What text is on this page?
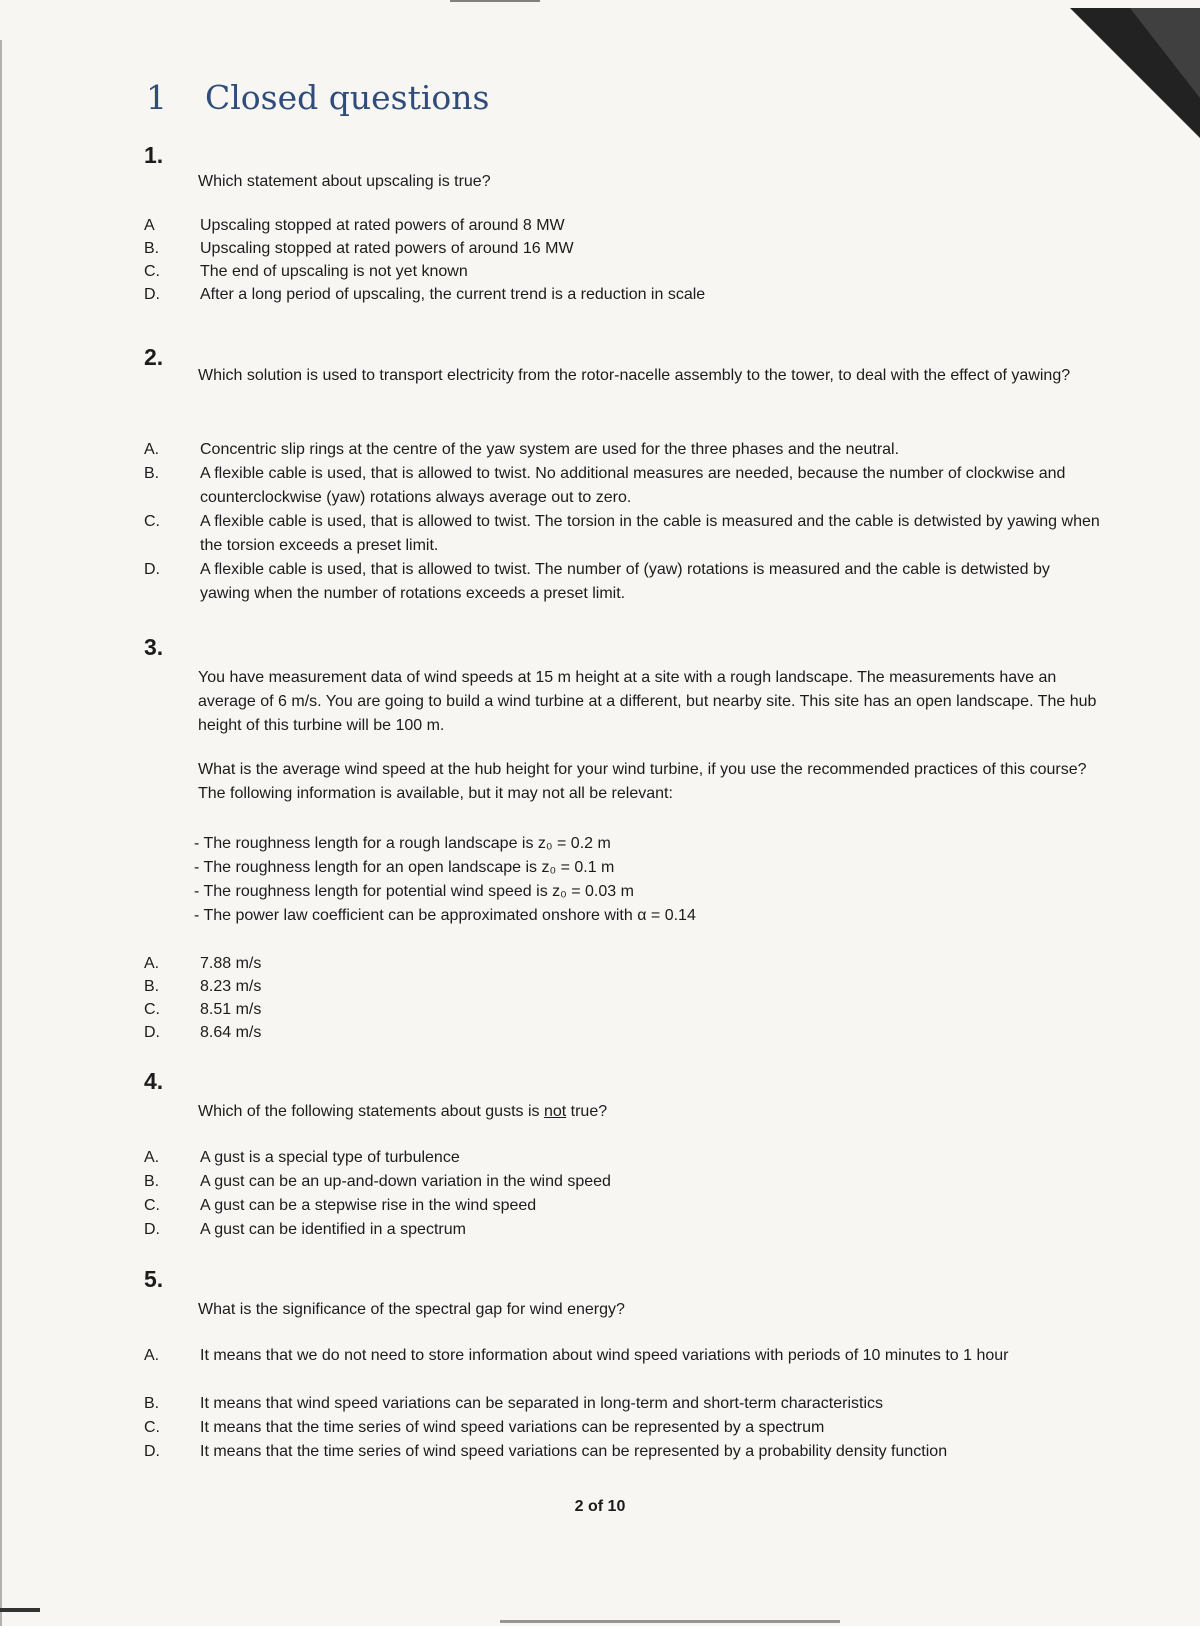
1 Closed questions
1.
Which statement about upscaling is true?
A	Upscaling stopped at rated powers of around 8 MW
B.	Upscaling stopped at rated powers of around 16 MW
C.	The end of upscaling is not yet known
D.	After a long period of upscaling, the current trend is a reduction in scale
2.
Which solution is used to transport electricity from the rotor-nacelle assembly to the tower, to deal with the effect of yawing?
A.	Concentric slip rings at the centre of the yaw system are used for the three phases and the neutral.
B.	A flexible cable is used, that is allowed to twist. No additional measures are needed, because the number of clockwise and counterclockwise (yaw) rotations always average out to zero.
C.	A flexible cable is used, that is allowed to twist. The torsion in the cable is measured and the cable is detwisted by yawing when the torsion exceeds a preset limit.
D.	A flexible cable is used, that is allowed to twist. The number of (yaw) rotations is measured and the cable is detwisted by yawing when the number of rotations exceeds a preset limit.
3.
You have measurement data of wind speeds at 15 m height at a site with a rough landscape. The measurements have an average of 6 m/s. You are going to build a wind turbine at a different, but nearby site. This site has an open landscape. The hub height of this turbine will be 100 m.
What is the average wind speed at the hub height for your wind turbine, if you use the recommended practices of this course? The following information is available, but it may not all be relevant:
- The roughness length for a rough landscape is z₀ = 0.2 m
- The roughness length for an open landscape is z₀ = 0.1 m
- The roughness length for potential wind speed is z₀ = 0.03 m
- The power law coefficient can be approximated onshore with α = 0.14
A.	7.88 m/s
B.	8.23 m/s
C.	8.51 m/s
D.	8.64 m/s
4.
Which of the following statements about gusts is not true?
A.	A gust is a special type of turbulence
B.	A gust can be an up-and-down variation in the wind speed
C.	A gust can be a stepwise rise in the wind speed
D.	A gust can be identified in a spectrum
5.
What is the significance of the spectral gap for wind energy?
A.	It means that we do not need to store information about wind speed variations with periods of 10 minutes to 1 hour
B.	It means that wind speed variations can be separated in long-term and short-term characteristics
C.	It means that the time series of wind speed variations can be represented by a spectrum
D.	It means that the time series of wind speed variations can be represented by a probability density function
2 of 10
